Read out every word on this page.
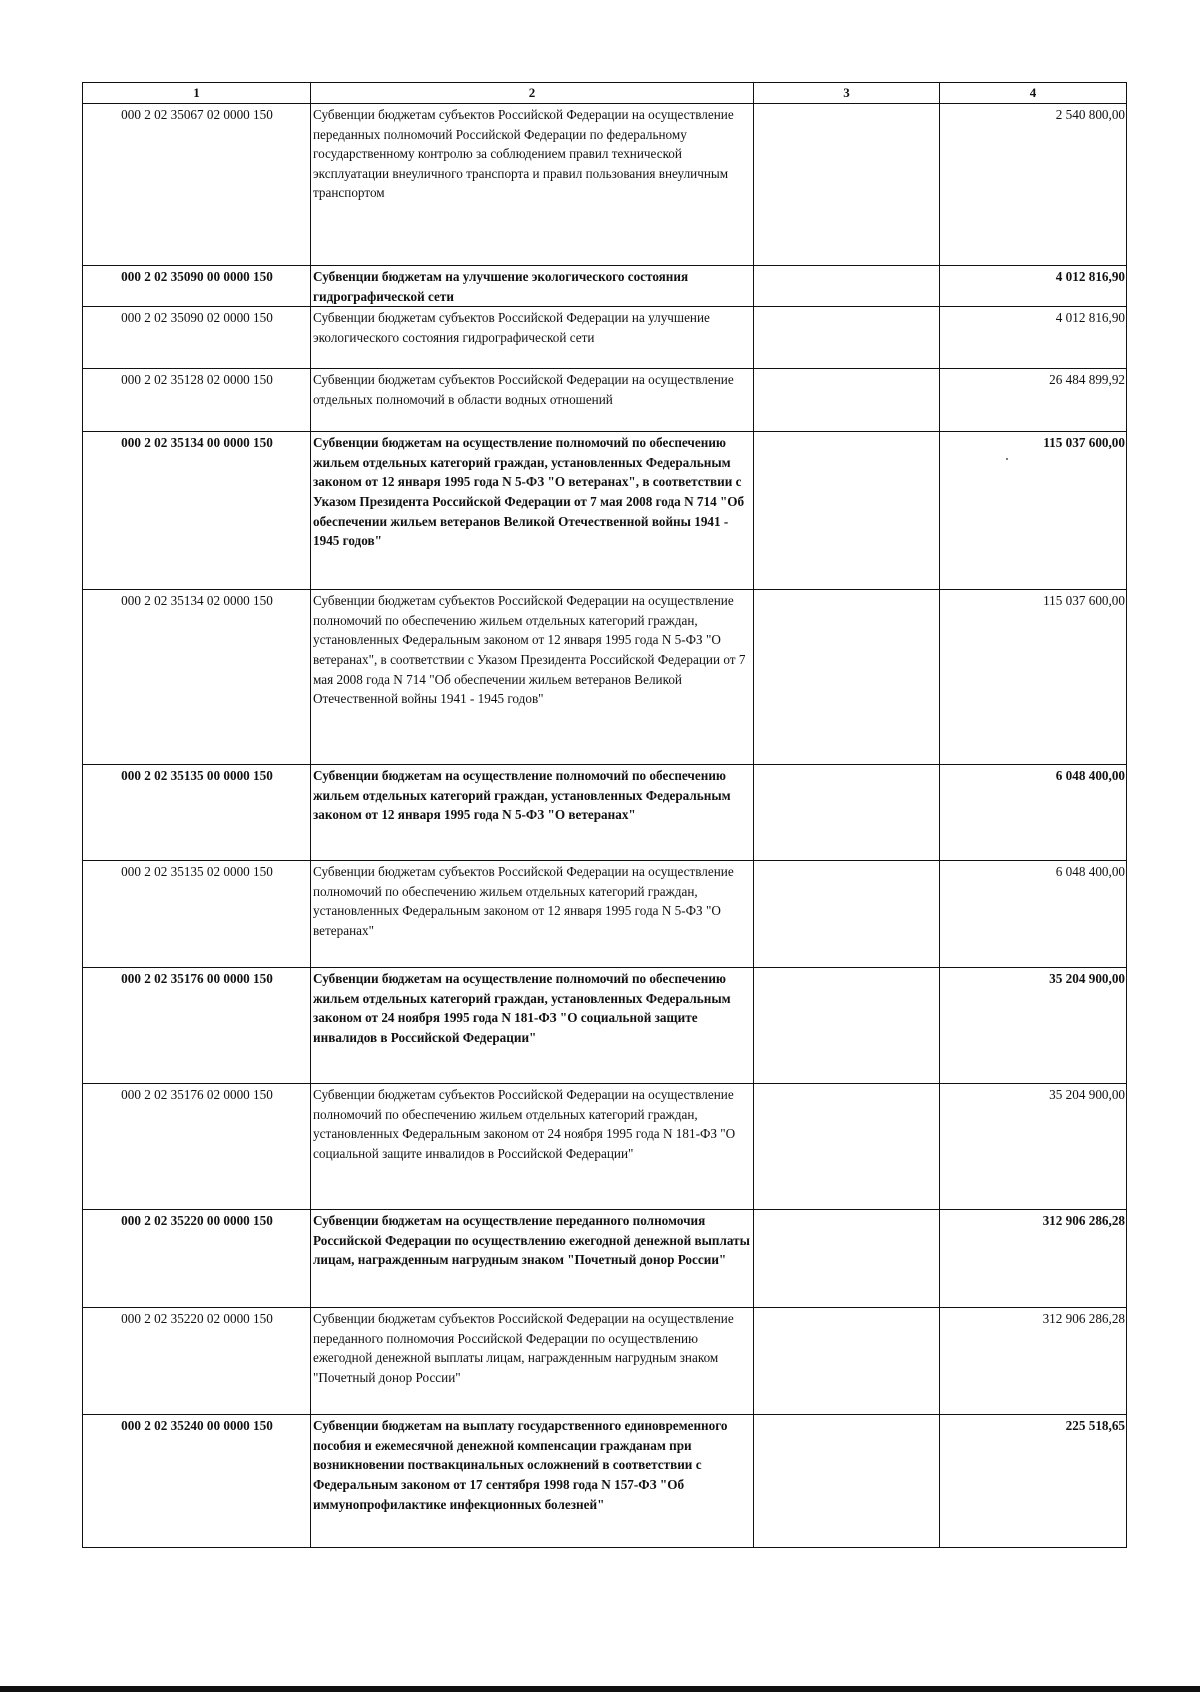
1	2	3	4
000 2 02 35067 02 0000 150	Субвенции бюджетам субъектов Российской Федерации на осуществление переданных полномочий Российской Федерации по федеральному государственному контролю за соблюдением правил технической эксплуатации внеуличного транспорта и правил пользования внеуличным транспортом		2 540 800,00
000 2 02 35090 00 0000 150	Субвенции бюджетам на улучшение экологического состояния гидрографической сети		4 012 816,90
000 2 02 35090 02 0000 150	Субвенции бюджетам субъектов Российской Федерации на улучшение экологического состояния гидрографической сети		4 012 816,90
000 2 02 35128 02 0000 150	Субвенции бюджетам субъектов Российской Федерации на осуществление отдельных полномочий в области водных отношений		26 484 899,92
000 2 02 35134 00 0000 150	Субвенции бюджетам на осуществление полномочий по обеспечению жильем отдельных категорий граждан, установленных Федеральным законом от 12 января 1995 года N 5-ФЗ "О ветеранах", в соответствии с Указом Президента Российской Федерации от 7 мая 2008 года N 714 "Об обеспечении жильем ветеранов Великой Отечественной войны 1941 - 1945 годов"		115 037 600,00
000 2 02 35134 02 0000 150	Субвенции бюджетам субъектов Российской Федерации на осуществление полномочий по обеспечению жильем отдельных категорий граждан, установленных Федеральным законом от 12 января 1995 года N 5-ФЗ "О ветеранах", в соответствии с Указом Президента Российской Федерации от 7 мая 2008 года N 714 "Об обеспечении жильем ветеранов Великой Отечественной войны 1941 - 1945 годов"		115 037 600,00
000 2 02 35135 00 0000 150	Субвенции бюджетам на осуществление полномочий по обеспечению жильем отдельных категорий граждан, установленных Федеральным законом от 12 января 1995 года N 5-ФЗ "О ветеранах"		6 048 400,00
000 2 02 35135 02 0000 150	Субвенции бюджетам субъектов Российской Федерации на осуществление полномочий по обеспечению жильем отдельных категорий граждан, установленных Федеральным законом от 12 января 1995 года N 5-ФЗ "О ветеранах"		6 048 400,00
000 2 02 35176 00 0000 150	Субвенции бюджетам на осуществление полномочий по обеспечению жильем отдельных категорий граждан, установленных Федеральным законом от 24 ноября 1995 года N 181-ФЗ "О социальной защите инвалидов в Российской Федерации"		35 204 900,00
000 2 02 35176 02 0000 150	Субвенции бюджетам субъектов Российской Федерации на осуществление полномочий по обеспечению жильем отдельных категорий граждан, установленных Федеральным законом от 24 ноября 1995 года N 181-ФЗ "О социальной защите инвалидов в Российской Федерации"		35 204 900,00
000 2 02 35220 00 0000 150	Субвенции бюджетам на осуществление переданного полномочия Российской Федерации по осуществлению ежегодной денежной выплаты лицам, награжденным нагрудным знаком "Почетный донор России"		312 906 286,28
000 2 02 35220 02 0000 150	Субвенции бюджетам субъектов Российской Федерации на осуществление переданного полномочия Российской Федерации по осуществлению ежегодной денежной выплаты лицам, награжденным нагрудным знаком "Почетный донор России"		312 906 286,28
000 2 02 35240 00 0000 150	Субвенции бюджетам на выплату государственного единовременного пособия и ежемесячной денежной компенсации гражданам при возникновении поствакцинальных осложнений в соответствии с Федеральным законом от 17 сентября 1998 года N 157-ФЗ "Об иммунопрофилактике инфекционных болезней"		225 518,65
